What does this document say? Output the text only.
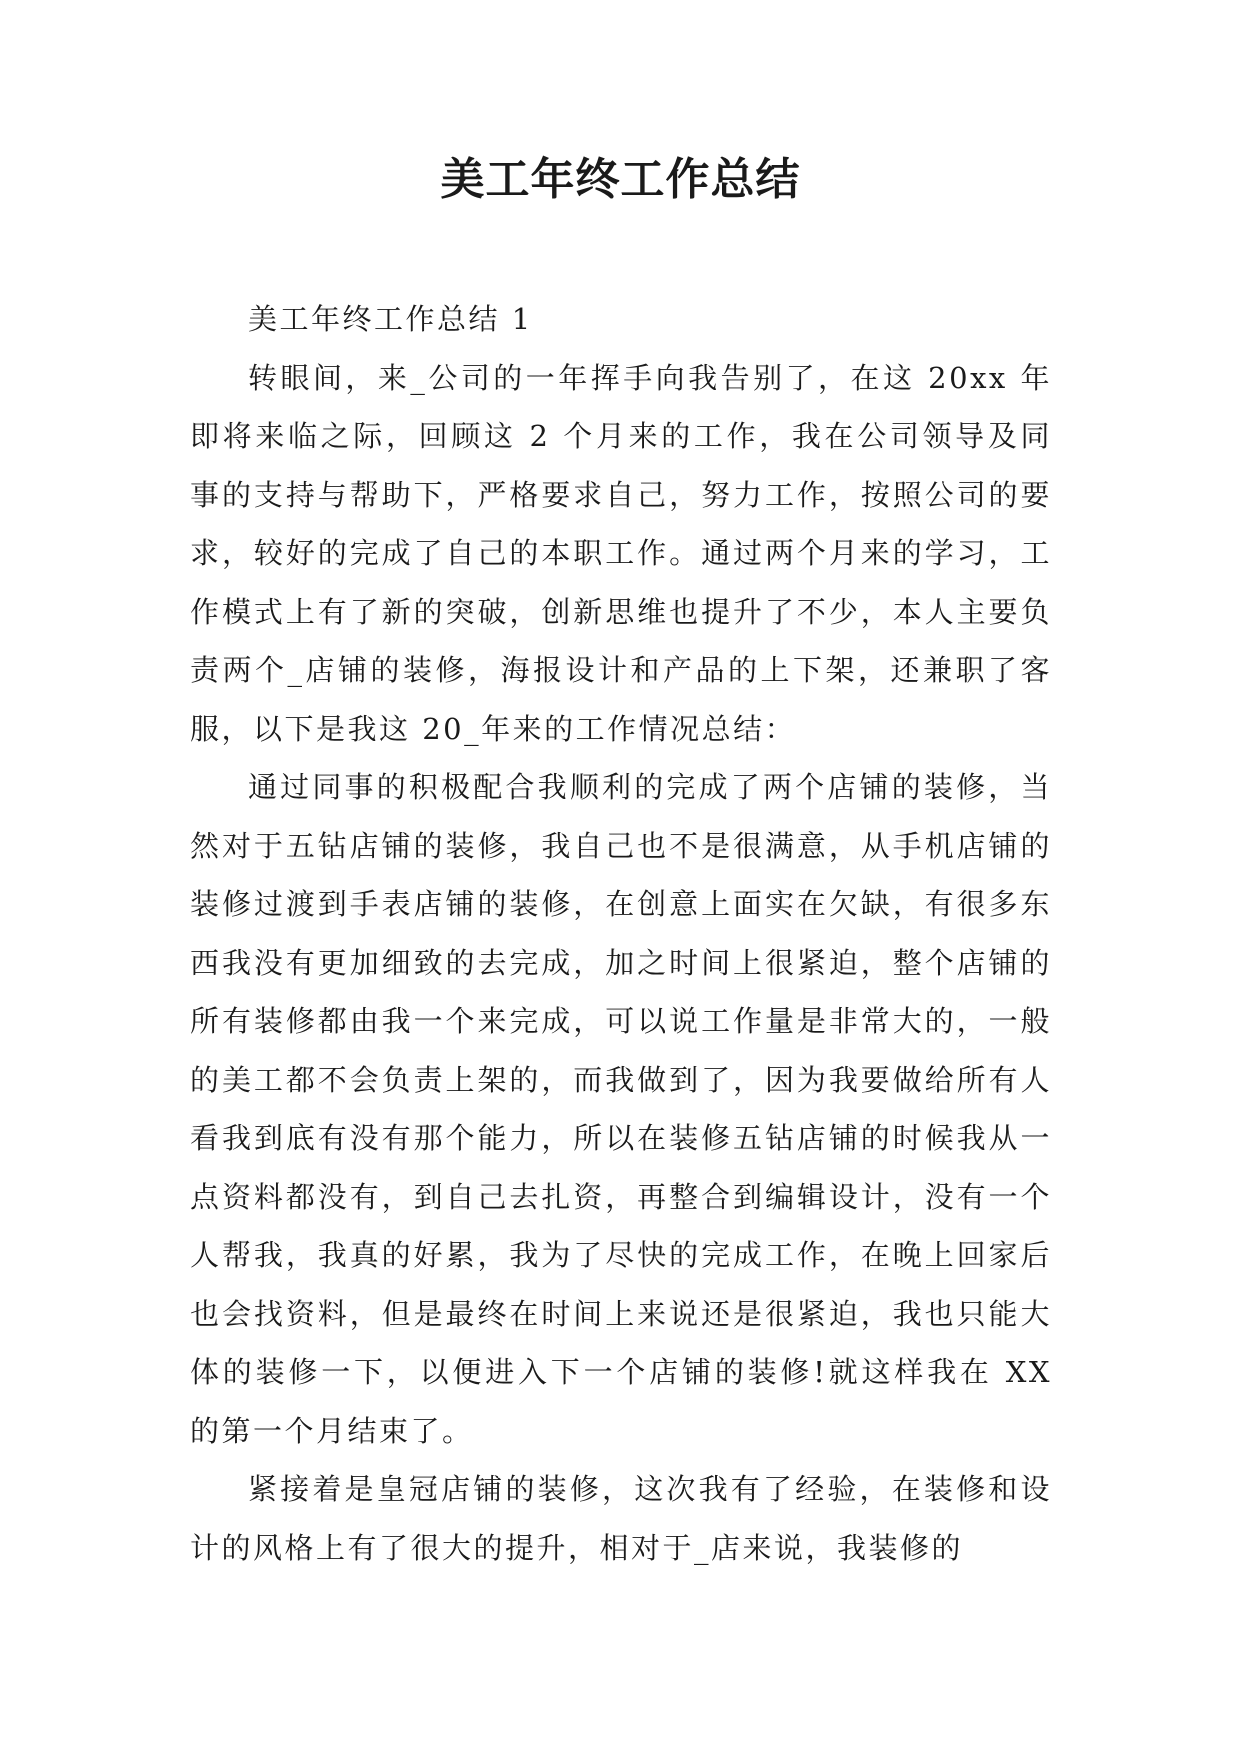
美工年终工作总结

美工年终工作总结 1

转眼间，来_公司的一年挥手向我告别了，在这 20xx 年即将来临之际，回顾这 2 个月来的工作，我在公司领导及同事的支持与帮助下，严格要求自己，努力工作，按照公司的要求，较好的完成了自己的本职工作。通过两个月来的学习，工作模式上有了新的突破，创新思维也提升了不少，本人主要负责两个_店铺的装修，海报设计和产品的上下架，还兼职了客服，以下是我这 20_年来的工作情况总结：

通过同事的积极配合我顺利的完成了两个店铺的装修，当然对于五钻店铺的装修，我自己也不是很满意，从手机店铺的装修过渡到手表店铺的装修，在创意上面实在欠缺，有很多东西我没有更加细致的去完成，加之时间上很紧迫，整个店铺的所有装修都由我一个来完成，可以说工作量是非常大的，一般的美工都不会负责上架的，而我做到了，因为我要做给所有人看我到底有没有那个能力，所以在装修五钻店铺的时候我从一点资料都没有，到自己去扎资，再整合到编辑设计，没有一个人帮我，我真的好累，我为了尽快的完成工作，在晚上回家后也会找资料，但是最终在时间上来说还是很紧迫，我也只能大体的装修一下，以便进入下一个店铺的装修!就这样我在 XX 的第一个月结束了。

紧接着是皇冠店铺的装修，这次我有了经验，在装修和设计的风格上有了很大的提升，相对于_店来说，我装修的
